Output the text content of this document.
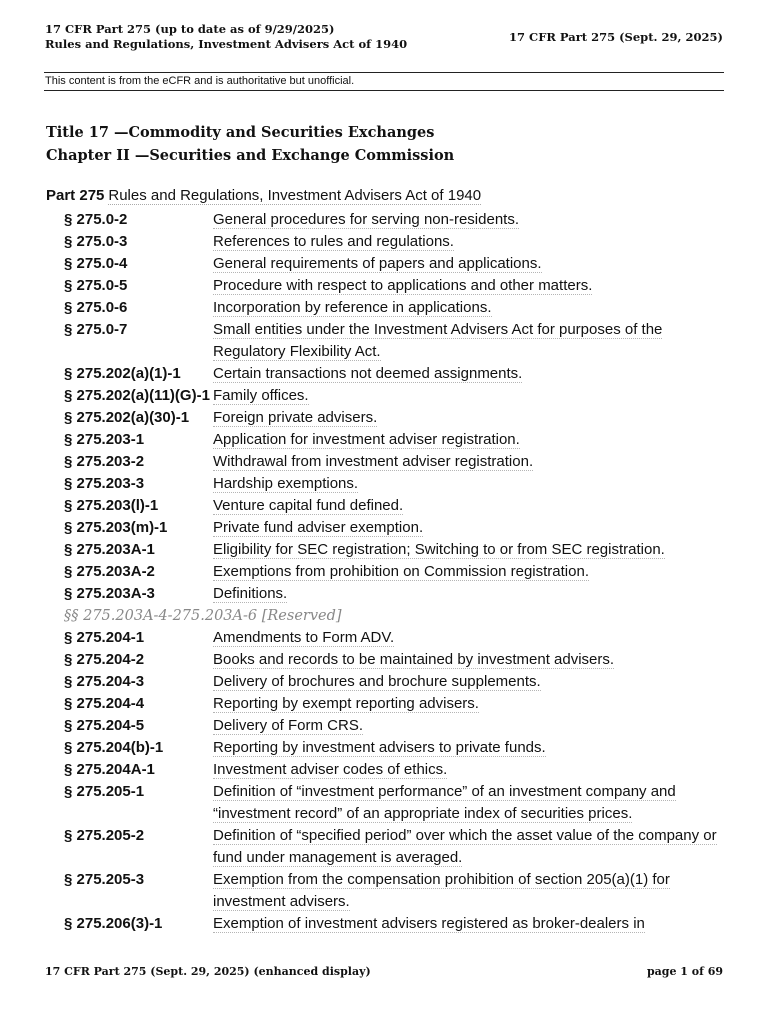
17 CFR Part 275 (up to date as of 9/29/2025)
Rules and Regulations, Investment Advisers Act of 1940	17 CFR Part 275 (Sept. 29, 2025)
This content is from the eCFR and is authoritative but unofficial.
Title 17 —Commodity and Securities Exchanges
Chapter II —Securities and Exchange Commission
Part 275 Rules and Regulations, Investment Advisers Act of 1940
§ 275.0-2	General procedures for serving non-residents.
§ 275.0-3	References to rules and regulations.
§ 275.0-4	General requirements of papers and applications.
§ 275.0-5	Procedure with respect to applications and other matters.
§ 275.0-6	Incorporation by reference in applications.
§ 275.0-7	Small entities under the Investment Advisers Act for purposes of the Regulatory Flexibility Act.
§ 275.202(a)(1)-1	Certain transactions not deemed assignments.
§ 275.202(a)(11)(G)-1 Family offices.
§ 275.202(a)(30)-1	Foreign private advisers.
§ 275.203-1	Application for investment adviser registration.
§ 275.203-2	Withdrawal from investment adviser registration.
§ 275.203-3	Hardship exemptions.
§ 275.203(l)-1	Venture capital fund defined.
§ 275.203(m)-1	Private fund adviser exemption.
§ 275.203A-1	Eligibility for SEC registration; Switching to or from SEC registration.
§ 275.203A-2	Exemptions from prohibition on Commission registration.
§ 275.203A-3	Definitions.
§§ 275.203A-4-275.203A-6 [Reserved]
§ 275.204-1	Amendments to Form ADV.
§ 275.204-2	Books and records to be maintained by investment advisers.
§ 275.204-3	Delivery of brochures and brochure supplements.
§ 275.204-4	Reporting by exempt reporting advisers.
§ 275.204-5	Delivery of Form CRS.
§ 275.204(b)-1	Reporting by investment advisers to private funds.
§ 275.204A-1	Investment adviser codes of ethics.
§ 275.205-1	Definition of “investment performance” of an investment company and “investment record” of an appropriate index of securities prices.
§ 275.205-2	Definition of “specified period” over which the asset value of the company or fund under management is averaged.
§ 275.205-3	Exemption from the compensation prohibition of section 205(a)(1) for investment advisers.
§ 275.206(3)-1	Exemption of investment advisers registered as broker-dealers in
17 CFR Part 275 (Sept. 29, 2025) (enhanced display)	page 1 of 69
